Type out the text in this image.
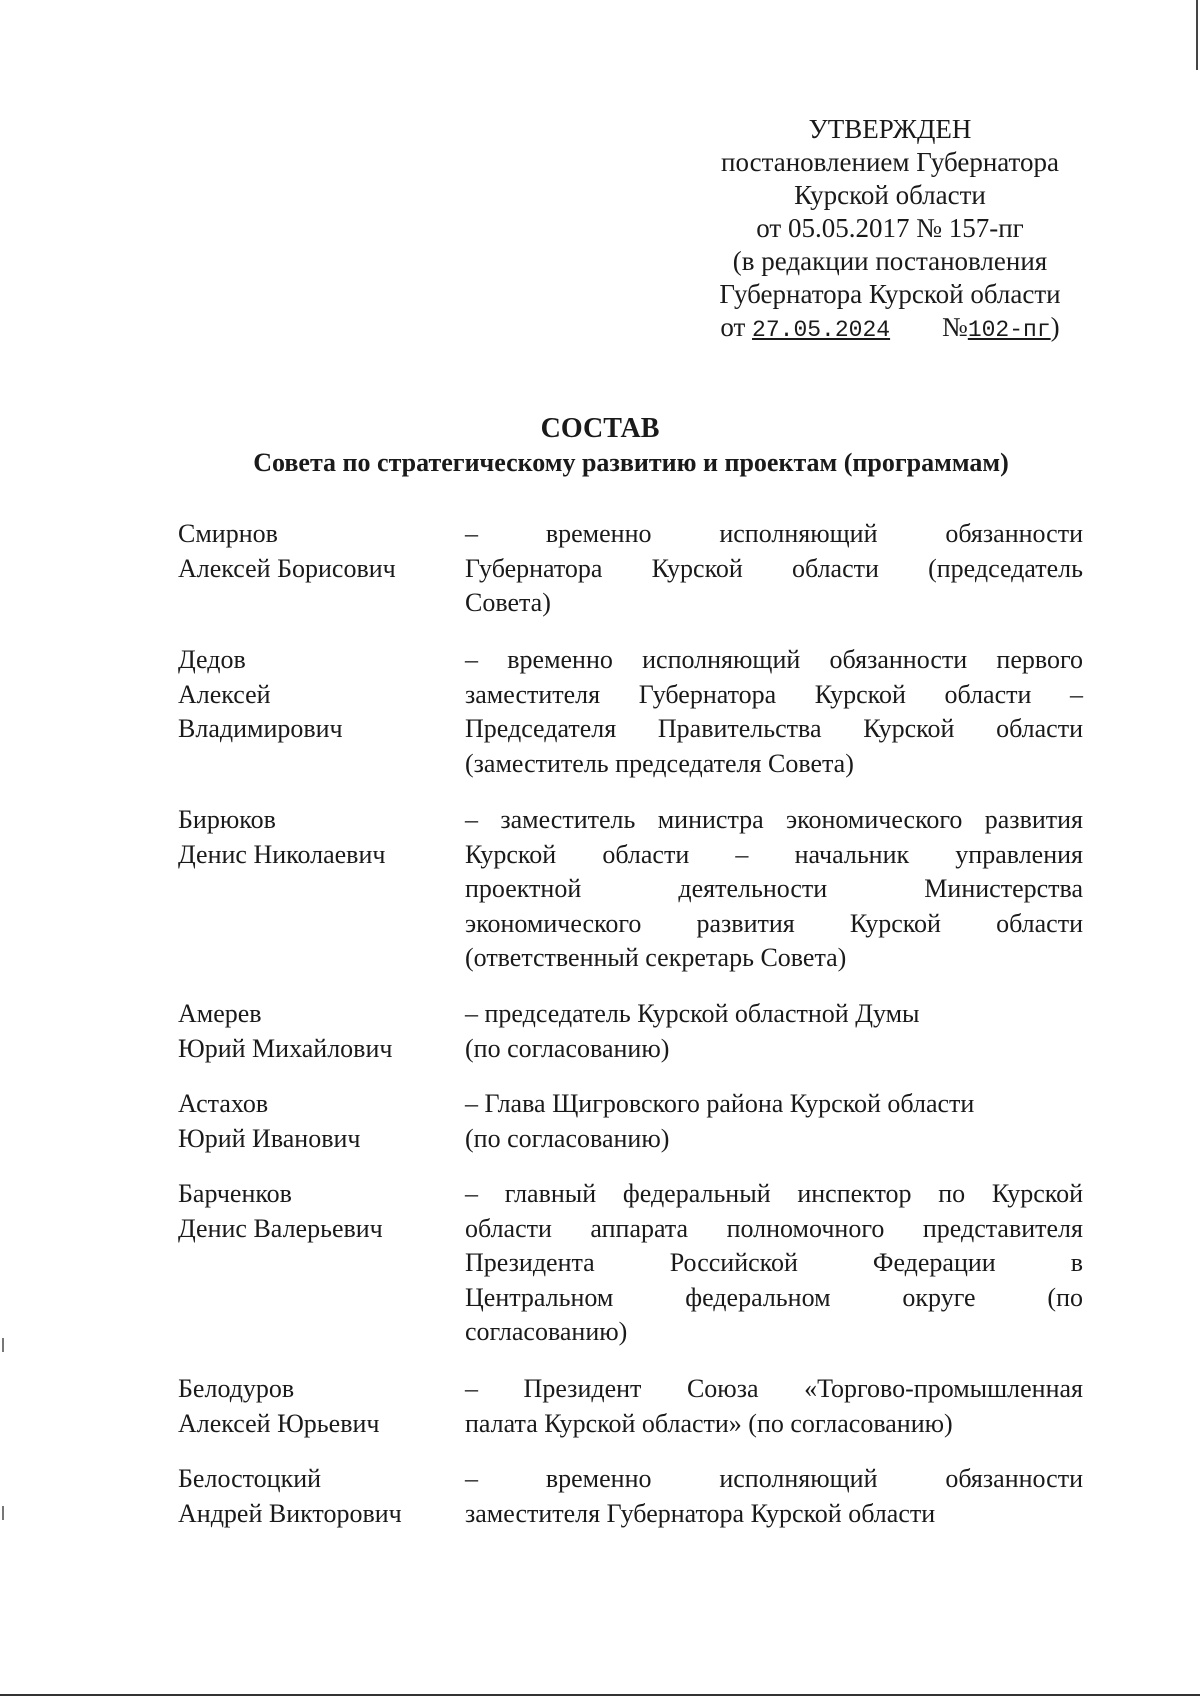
УТВЕРЖДЕН
постановлением Губернатора
Курской области
от 05.05.2017 № 157-пг
(в редакции постановления
Губернатора Курской области
от 27.05.2024 №102-пг)
СОСТАВ
Совета по стратегическому развитию и проектам (программам)
Смирнов
Алексей Борисович
– временно исполняющий обязанности
Губернатора Курской области (председатель
Совета)
Дедов
Алексей
Владимирович
– временно исполняющий обязанности первого
заместителя Губернатора Курской области –
Председателя Правительства Курской области
(заместитель председателя Совета)
Бирюков
Денис Николаевич
– заместитель министра экономического развития
Курской области – начальник управления
проектной деятельности Министерства
экономического развития Курской области
(ответственный секретарь Совета)
Амерев
Юрий Михайлович
– председатель Курской областной Думы
(по согласованию)
Астахов
Юрий Иванович
– Глава Щигровского района Курской области
(по согласованию)
Барченков
Денис Валерьевич
– главный федеральный инспектор по Курской
области аппарата полномочного представителя
Президента Российской Федерации в
Центральном федеральном округе (по
согласованию)
Белодуров
Алексей Юрьевич
– Президент Союза «Торгово-промышленная
палата Курской области» (по согласованию)
Белостоцкий
Андрей Викторович
– временно исполняющий обязанности
заместителя Губернатора Курской области
